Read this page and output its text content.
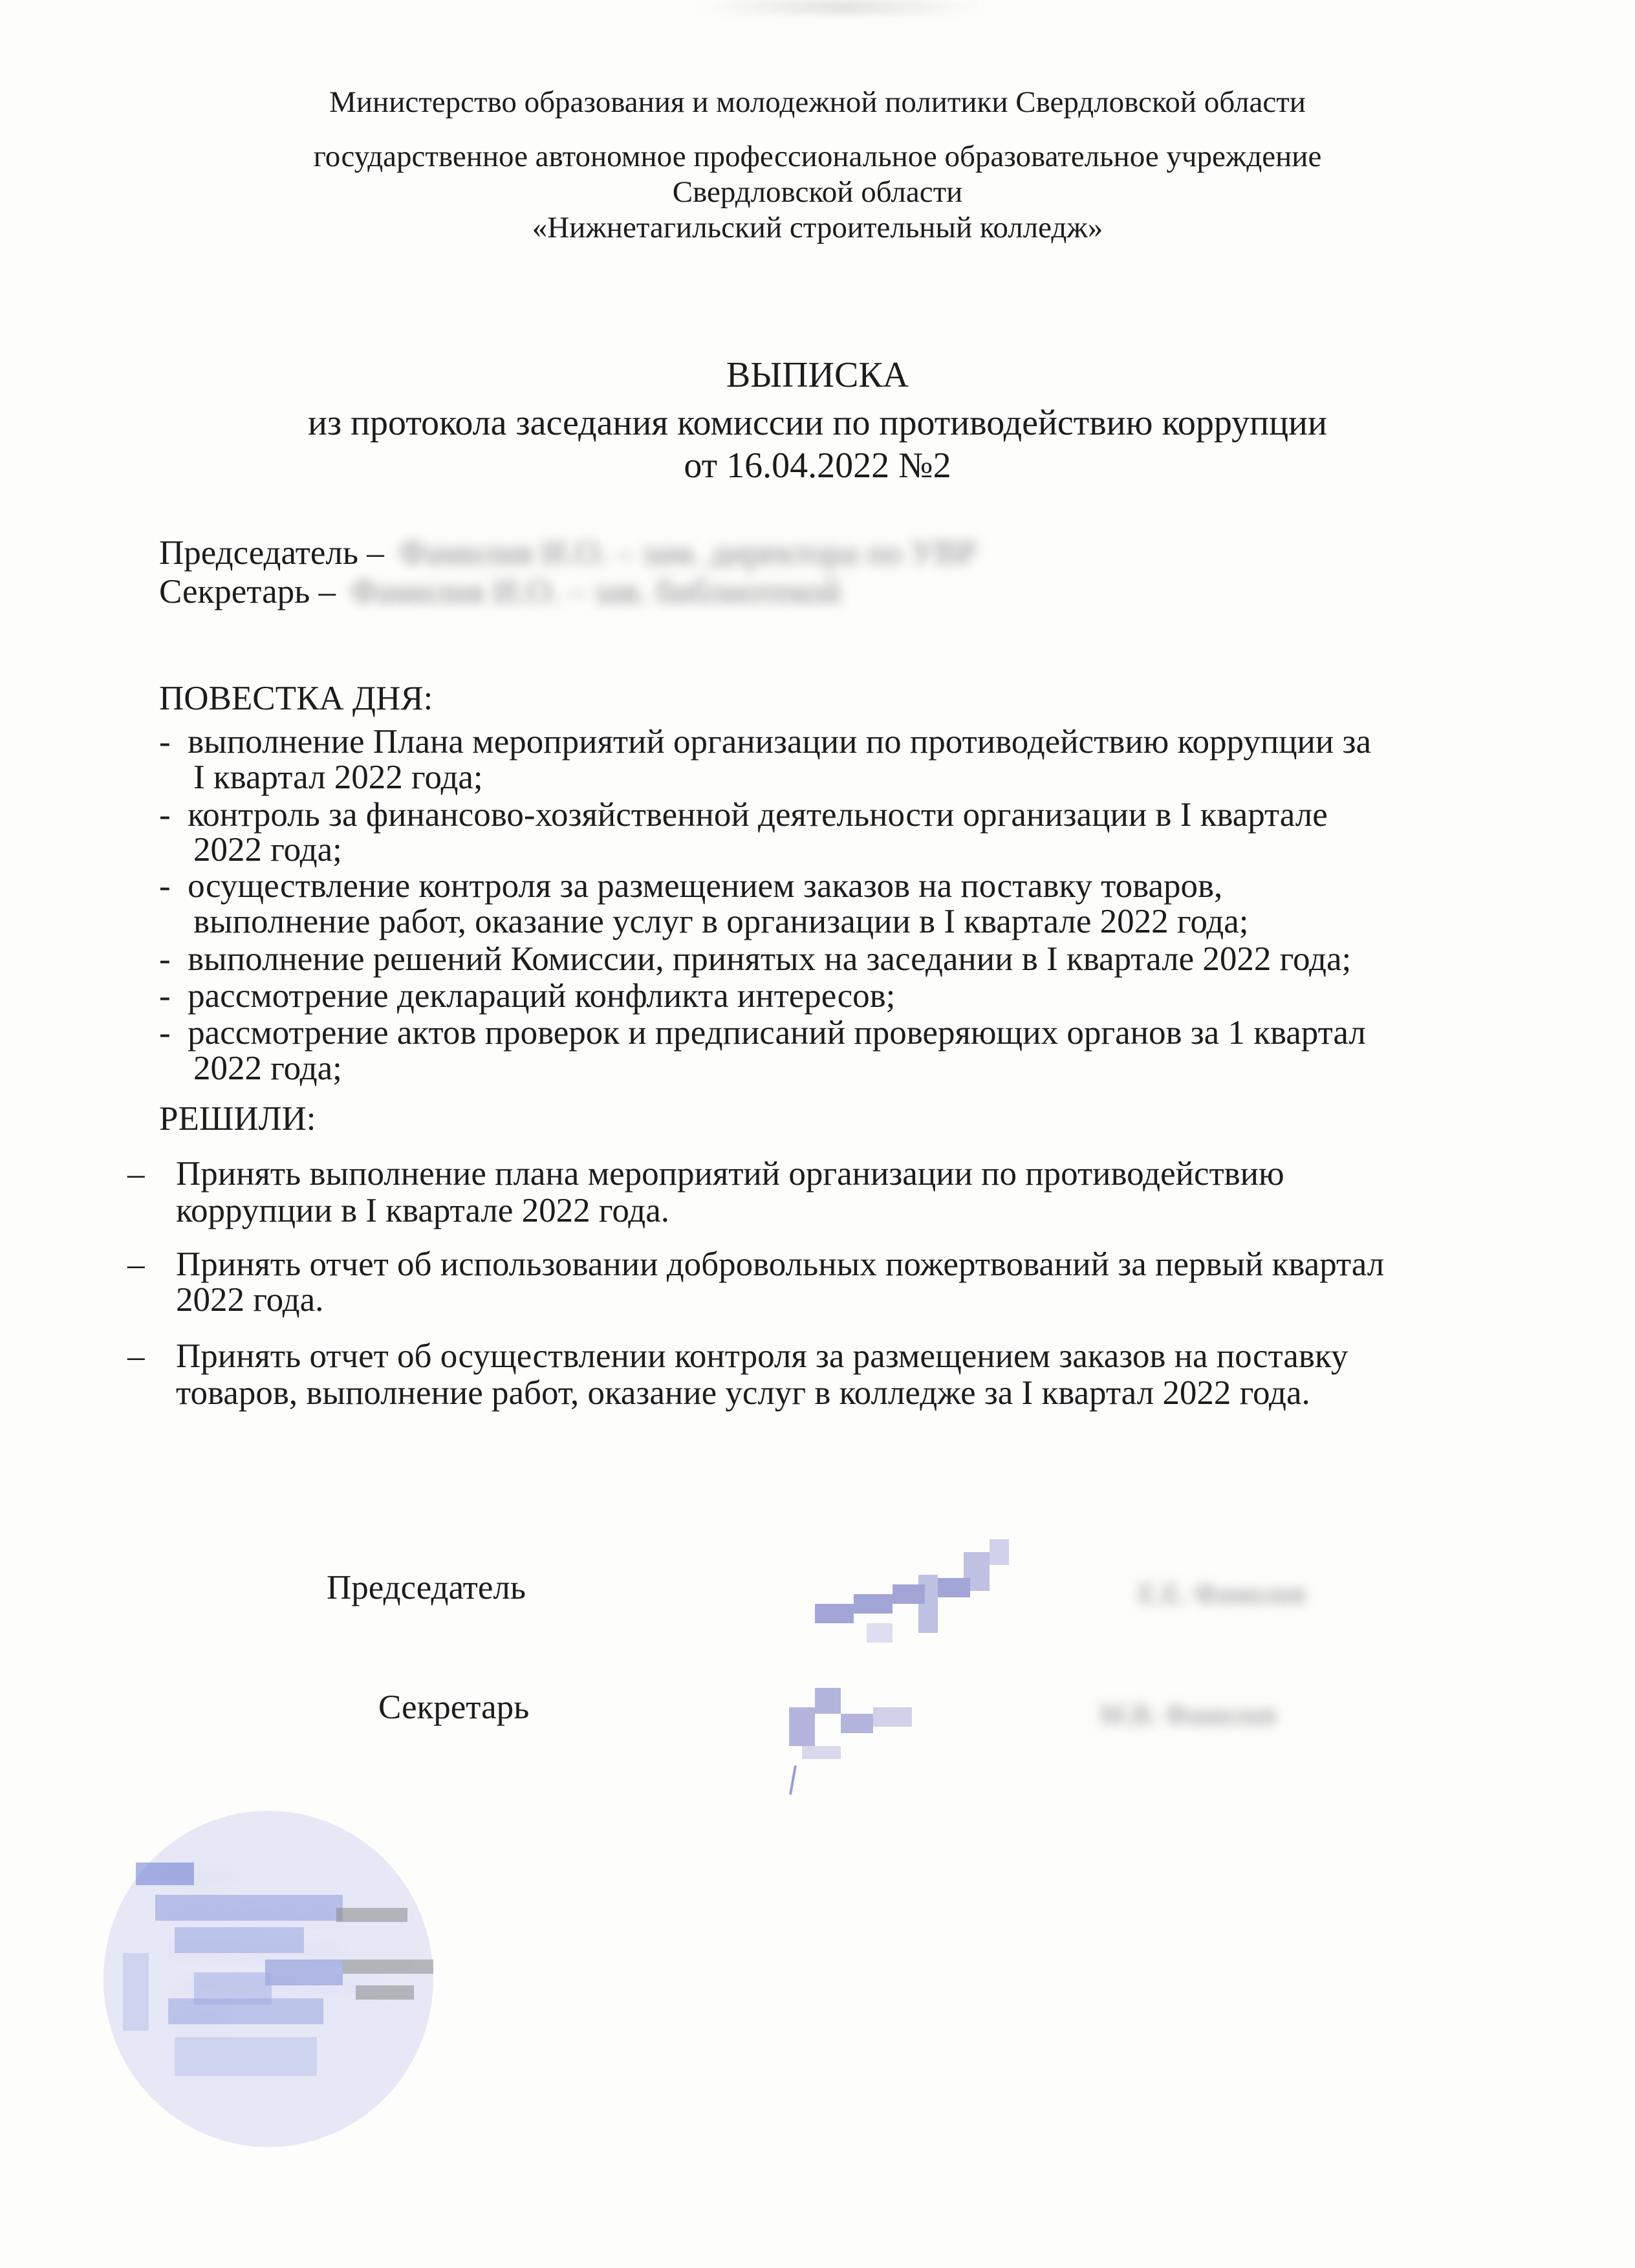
Министерство образования и молодежной политики Свердловской области
государственное автономное профессиональное образовательное учреждение
Свердловской области
«Нижнетагильский строительный колледж»
ВЫПИСКА
из протокола заседания комиссии по противодействию коррупции
от 16.04.2022 №2
Председатель – Фамилия И.О. – зам. директора по УВР
Секретарь – Фамилия И.О. – зав. библиотекой
ПОВЕСТКА ДНЯ:
-  выполнение Плана мероприятий организации по противодействию коррупции за
I квартал 2022 года;
-  контроль за финансово-хозяйственной деятельности организации в I квартале
2022 года;
-  осуществление контроля за размещением заказов на поставку товаров,
выполнение работ, оказание услуг в организации в I квартале 2022 года;
-  выполнение решений Комиссии, принятых на заседании в I квартале 2022 года;
-  рассмотрение деклараций конфликта интересов;
-  рассмотрение актов проверок и предписаний проверяющих органов за 1 квартал
2022 года;
РЕШИЛИ:
– Принять выполнение плана мероприятий организации по противодействию
коррупции в I квартале 2022 года.
– Принять отчет об использовании добровольных пожертвований за первый квартал
2022 года.
– Принять отчет об осуществлении контроля за размещением заказов на поставку
товаров, выполнение работ, оказание услуг в колледже за I квартал 2022 года.
Председатель	Е.Е. Фамилия
Секретарь	М.В. Фамилия
ГАПОУ
Свердловской обл.
Нижнетагильский
строительный колледж
ОГРН
